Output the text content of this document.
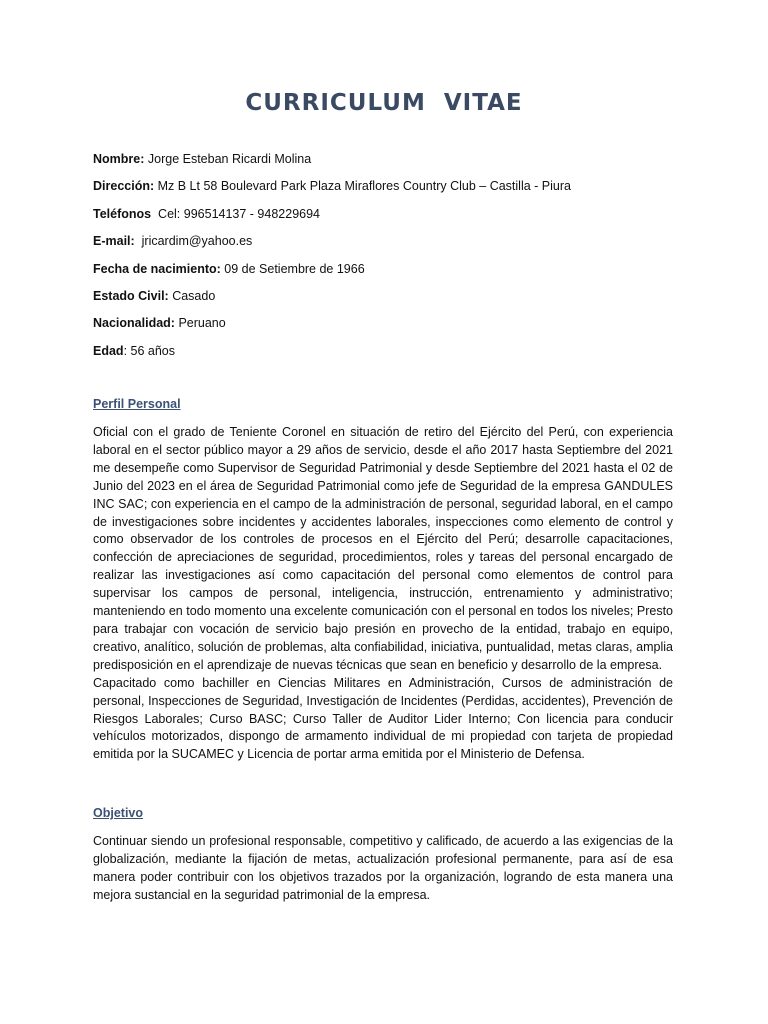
CURRICULUM  VITAE
Nombre: Jorge Esteban Ricardi Molina
Dirección: Mz B Lt 58 Boulevard Park Plaza Miraflores Country Club – Castilla - Piura
Teléfonos  Cel: 996514137 - 948229694
E-mail:  jricardim@yahoo.es
Fecha de nacimiento: 09 de Setiembre de 1966
Estado Civil: Casado
Nacionalidad: Peruano
Edad: 56 años
Perfil Personal

Oficial con el grado de Teniente Coronel en situación de retiro del Ejército del Perú, con experiencia laboral en el sector público mayor a 29 años de servicio, desde el año 2017 hasta Septiembre del 2021 me desempeñe como Supervisor de Seguridad Patrimonial y desde Septiembre del 2021 hasta el 02 de Junio del 2023 en el área de Seguridad Patrimonial como jefe de Seguridad de la empresa GANDULES INC SAC; con experiencia en el campo de la administración de personal, seguridad laboral, en el campo de investigaciones sobre incidentes y accidentes laborales, inspecciones como elemento de control y como observador de los controles de procesos en el Ejército del Perú; desarrolle capacitaciones, confección de apreciaciones de seguridad, procedimientos, roles y tareas del personal encargado de realizar las investigaciones así como capacitación del personal como elementos de control para supervisar los campos de personal, inteligencia, instrucción, entrenamiento y administrativo; manteniendo en todo momento una excelente comunicación con el personal en todos los niveles; Presto para trabajar con vocación de servicio bajo presión en provecho de la entidad, trabajo en equipo, creativo, analítico, solución de problemas, alta confiabilidad, iniciativa, puntualidad, metas claras, amplia predisposición en el aprendizaje de nuevas técnicas que sean en beneficio y desarrollo de la empresa.

Capacitado como bachiller en Ciencias Militares en Administración, Cursos de administración de personal, Inspecciones de Seguridad, Investigación de Incidentes (Perdidas, accidentes), Prevención de Riesgos Laborales; Curso BASC; Curso Taller de Auditor Lider Interno; Con licencia para conducir vehículos motorizados, dispongo de armamento individual de mi propiedad con tarjeta de propiedad emitida por la SUCAMEC y Licencia de portar arma emitida por el Ministerio de Defensa.

Objetivo

Continuar siendo un profesional responsable, competitivo y calificado, de acuerdo a las exigencias de la globalización, mediante la fijación de metas, actualización profesional permanente, para así de esa manera poder contribuir con los objetivos trazados por la organización, logrando de esta manera una mejora sustancial en la seguridad patrimonial de la empresa.
